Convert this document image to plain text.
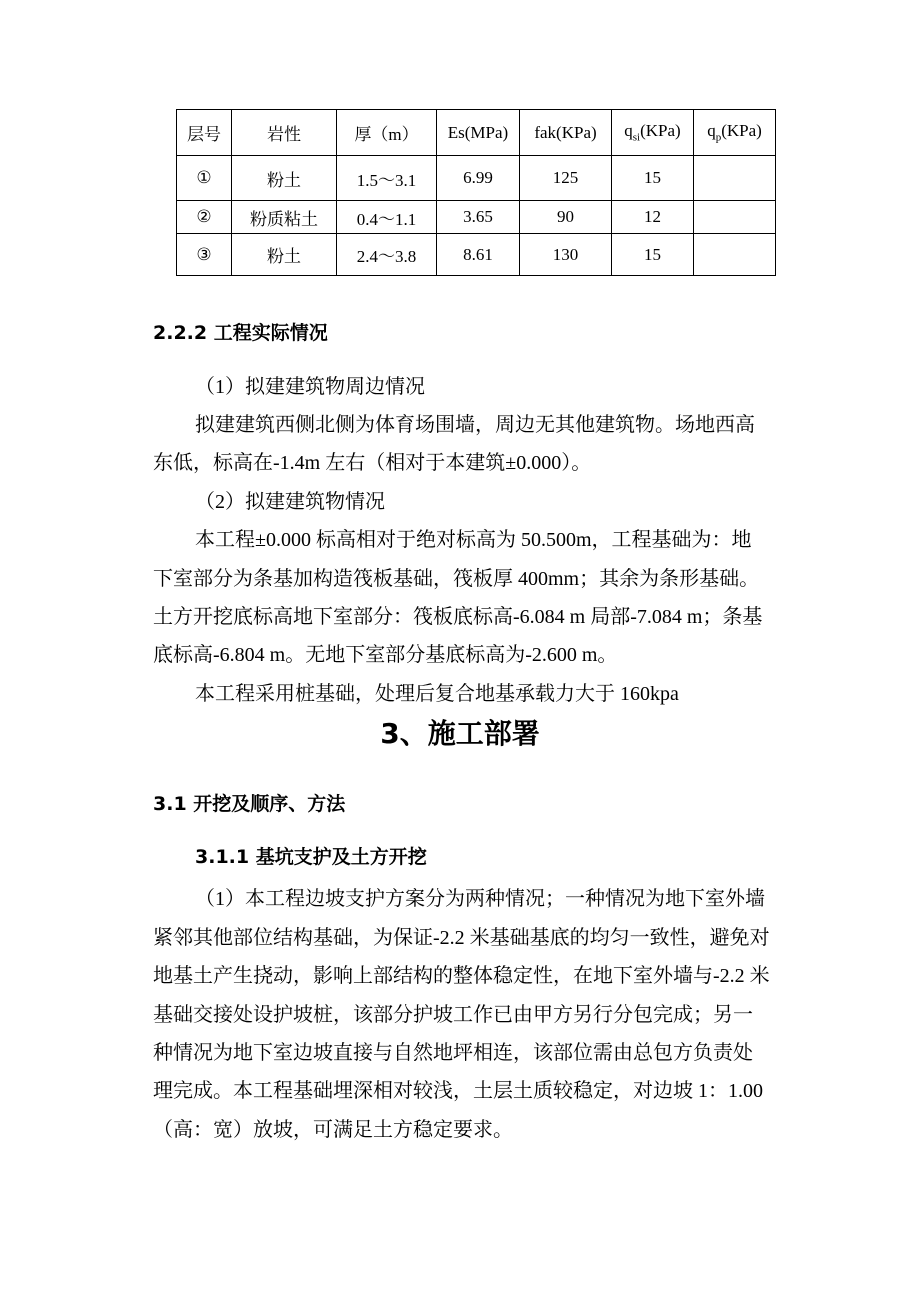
层号	岩性	厚（m）	Es(MPa)	fak(KPa)	$q_{si}(KPa)$	$q_p(KPa)$
①	粉土	1.5～3.1	6.99	125	15	
②	粉质粘土	0.4～1.1	3.65	90	12	
③	粉土	2.4～3.8	8.61	130	15	
2.2.2 工程实际情况
（1）拟建建筑物周边情况
拟建建筑西侧北侧为体育场围墙，周边无其他建筑物。场地西高
东低，标高在-1.4m 左右（相对于本建筑±0.000）。
（2）拟建建筑物情况
本工程±0.000 标高相对于绝对标高为 50.500m，工程基础为：地
下室部分为条基加构造筏板基础，筏板厚 400mm；其余为条形基础。
土方开挖底标高地下室部分：筏板底标高-6.084 m 局部-7.084 m；条基
底标高-6.804 m。无地下室部分基底标高为-2.600 m。
本工程采用桩基础，处理后复合地基承载力大于 160kpa
3、施工部署
3.1 开挖及顺序、方法
3.1.1 基坑支护及土方开挖
（1）本工程边坡支护方案分为两种情况；一种情况为地下室外墙
紧邻其他部位结构基础，为保证-2.2 米基础基底的均匀一致性，避免对
地基土产生挠动，影响上部结构的整体稳定性，在地下室外墙与-2.2 米
基础交接处设护坡桩，该部分护坡工作已由甲方另行分包完成；另一
种情况为地下室边坡直接与自然地坪相连，该部位需由总包方负责处
理完成。本工程基础埋深相对较浅，土层土质较稳定，对边坡 1：1.00
（高：宽）放坡，可满足土方稳定要求。
